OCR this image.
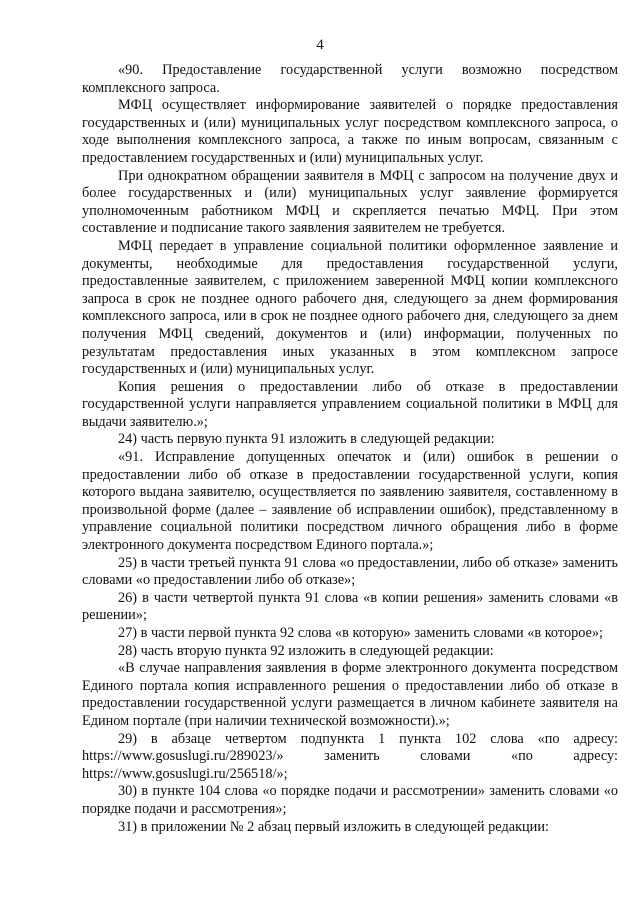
4

«90. Предоставление государственной услуги возможно посредством комплексного запроса.

МФЦ осуществляет информирование заявителей о порядке предоставления государственных и (или) муниципальных услуг посредством комплексного запроса, о ходе выполнения комплексного запроса, а также по иным вопросам, связанным с предоставлением государственных и (или) муниципальных услуг.

При однократном обращении заявителя в МФЦ с запросом на получение двух и более государственных и (или) муниципальных услуг заявление формируется уполномоченным работником МФЦ и скрепляется печатью МФЦ. При этом составление и подписание такого заявления заявителем не требуется.

МФЦ передает в управление социальной политики оформленное заявление и документы, необходимые для предоставления государственной услуги, предоставленные заявителем, с приложением заверенной МФЦ копии комплексного запроса в срок не позднее одного рабочего дня, следующего за днем формирования комплексного запроса, или в срок не позднее одного рабочего дня, следующего за днем получения МФЦ сведений, документов и (или) информации, полученных по результатам предоставления иных указанных в этом комплексном запросе государственных и (или) муниципальных услуг.

Копия решения о предоставлении либо об отказе в предоставлении государственной услуги направляется управлением социальной политики в МФЦ для выдачи заявителю.»;

24) часть первую пункта 91 изложить в следующей редакции:

«91. Исправление допущенных опечаток и (или) ошибок в решении о предоставлении либо об отказе в предоставлении государственной услуги, копия которого выдана заявителю, осуществляется по заявлению заявителя, составленному в произвольной форме (далее – заявление об исправлении ошибок), представленному в управление социальной политики посредством личного обращения либо в форме электронного документа посредством Единого портала.»;

25) в части третьей пункта 91 слова «о предоставлении, либо об отказе» заменить словами «о предоставлении либо об отказе»;

26) в части четвертой пункта 91 слова «в копии решения» заменить словами «в решении»;

27) в части первой пункта 92 слова «в которую» заменить словами «в которое»;

28) часть вторую пункта 92 изложить в следующей редакции:

«В случае направления заявления в форме электронного документа посредством Единого портала копия исправленного решения о предоставлении либо об отказе в предоставлении государственной услуги размещается в личном кабинете заявителя на Едином портале (при наличии технической возможности).»;

29) в абзаце четвертом подпункта 1 пункта 102 слова «по адресу: https://www.gosuslugi.ru/289023/» заменить словами «по адресу: https://www.gosuslugi.ru/256518/»;

30) в пункте 104 слова «о порядке подачи и рассмотрении» заменить словами «о порядке подачи и рассмотрения»;

31) в приложении № 2 абзац первый изложить в следующей редакции:
